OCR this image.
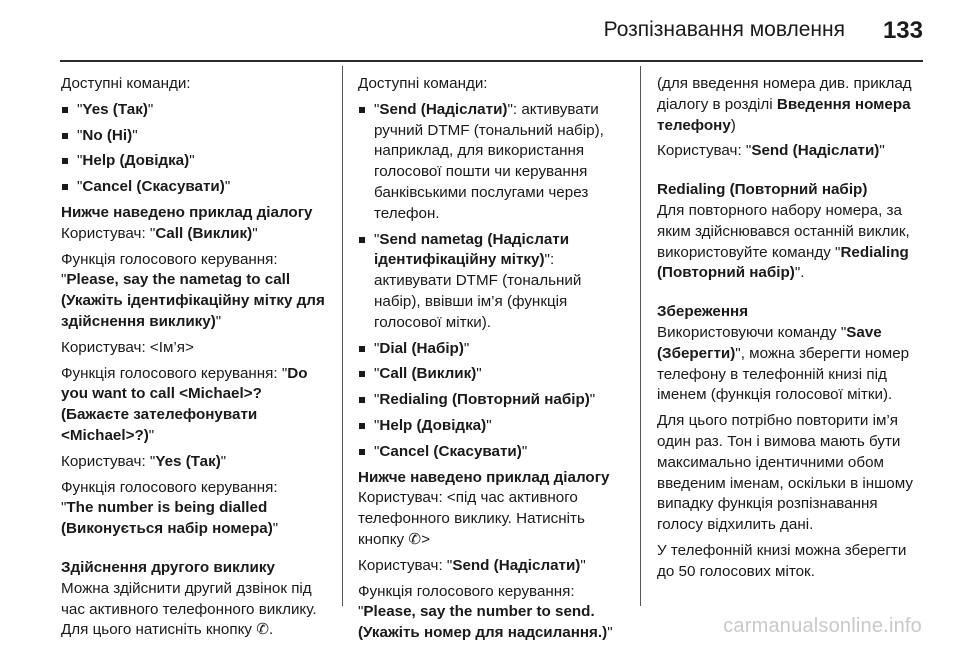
Розпізнавання мовлення 133

Доступні команди:

"Yes (Так)"
"No (Ні)"
"Help (Довідка)"
"Cancel (Скасувати)"
Нижче наведено приклад діалогу

Користувач: "Call (Виклик)"

Функція голосового керування:
"Please, say the nametag to call (Укажіть ідентифікаційну мітку для здійснення виклику)"

Користувач: <Ім’я>

Функція голосового керування: "Do you want to call <Michael>? (Бажаєте зателефонувати <Michael>?)"

Користувач: "Yes (Так)"

Функція голосового керування:
"The number is being dialled (Виконується набір номера)"

Здійснення другого виклику

Можна здійснити другий дзвінок під час активного телефонного виклику. Для цього натисніть кнопку ✆.

Доступні команди:

"Send (Надіслати)": активувати ручний DTMF (тональний набір), наприклад, для використання голосової пошти чи керування банківськими послугами через телефон.
"Send nametag (Надіслати ідентифікаційну мітку)": активувати DTMF (тональний набір), ввівши ім’я (функція голосової мітки).
"Dial (Набір)"
"Call (Виклик)"
"Redialing (Повторний набір)"
"Help (Довідка)"
"Cancel (Скасувати)"
Нижче наведено приклад діалогу

Користувач: <під час активного телефонного виклику. Натисніть кнопку ✆>

Користувач: "Send (Надіслати)"

Функція голосового керування:
"Please, say the number to send. (Укажіть номер для надсилання.)"

(для введення номера див. приклад діалогу в розділі Введення номера телефону)

Користувач: "Send (Надіслати)"

Redialing (Повторний набір)

Для повторного набору номера, за яким здійснювався останній виклик, використовуйте команду "Redialing (Повторний набір)".

Збереження

Використовуючи команду "Save (Зберегти)", можна зберегти номер телефону в телефонній книзі під іменем (функція голосової мітки).

Для цього потрібно повторити ім’я один раз. Тон і вимова мають бути максимально ідентичними обом введеним іменам, оскільки в іншому випадку функція розпізнавання голосу відхилить дані.

У телефонній книзі можна зберегти до 50 голосових міток.

carmanualsonline.info
